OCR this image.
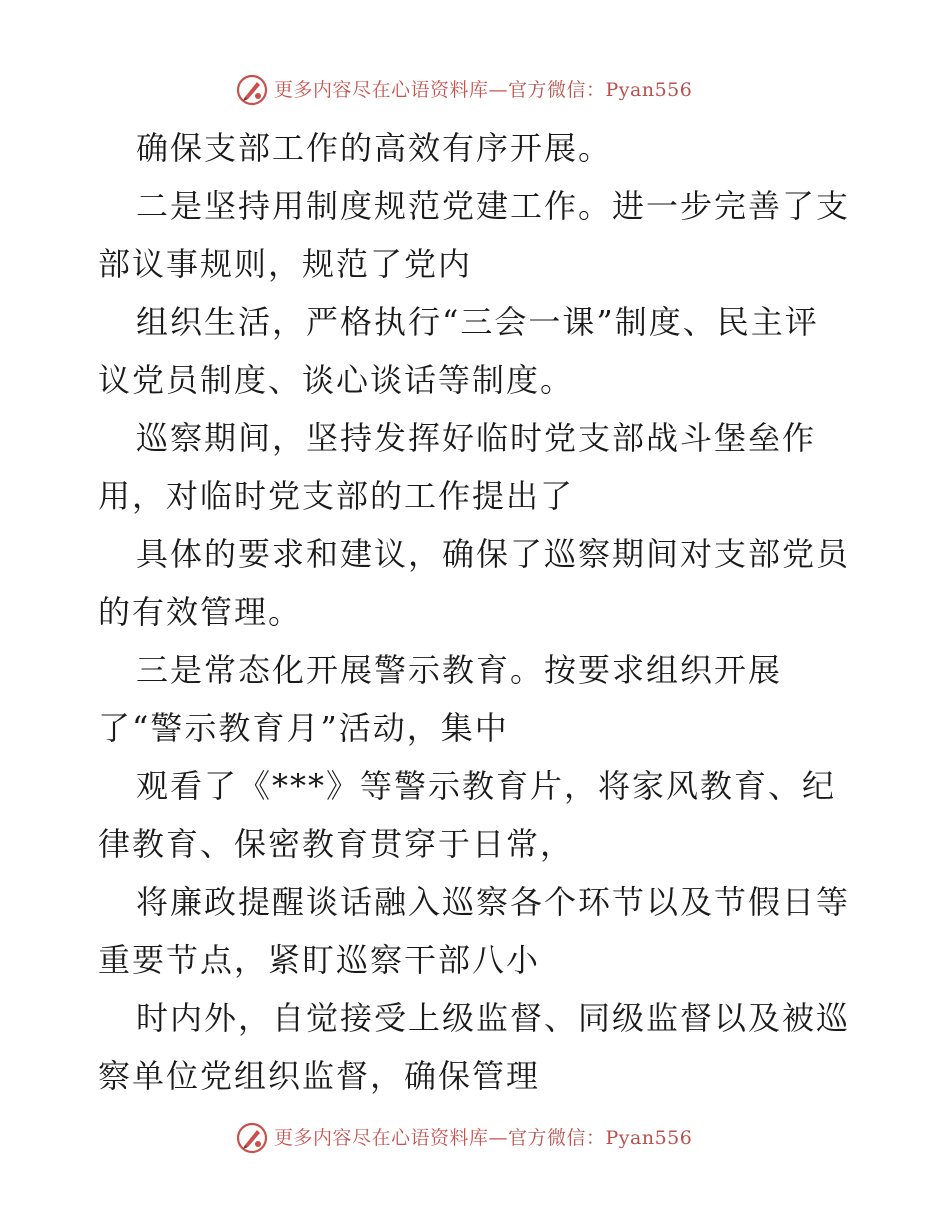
更多内容尽在心语资料库—官方微信：Pyan556
确保支部工作的高效有序开展。
二是坚持用制度规范党建工作。进一步完善了支
部议事规则，规范了党内
组织生活，严格执行“三会一课”制度、民主评
议党员制度、谈心谈话等制度。
巡察期间，坚持发挥好临时党支部战斗堡垒作
用，对临时党支部的工作提出了
具体的要求和建议，确保了巡察期间对支部党员
的有效管理。
三是常态化开展警示教育。按要求组织开展
了“警示教育月”活动，集中
观看了《***》等警示教育片，将家风教育、纪
律教育、保密教育贯穿于日常，
将廉政提醒谈话融入巡察各个环节以及节假日等
重要节点，紧盯巡察干部八小
时内外，自觉接受上级监督、同级监督以及被巡
察单位党组织监督，确保管理
更多内容尽在心语资料库—官方微信：Pyan556
